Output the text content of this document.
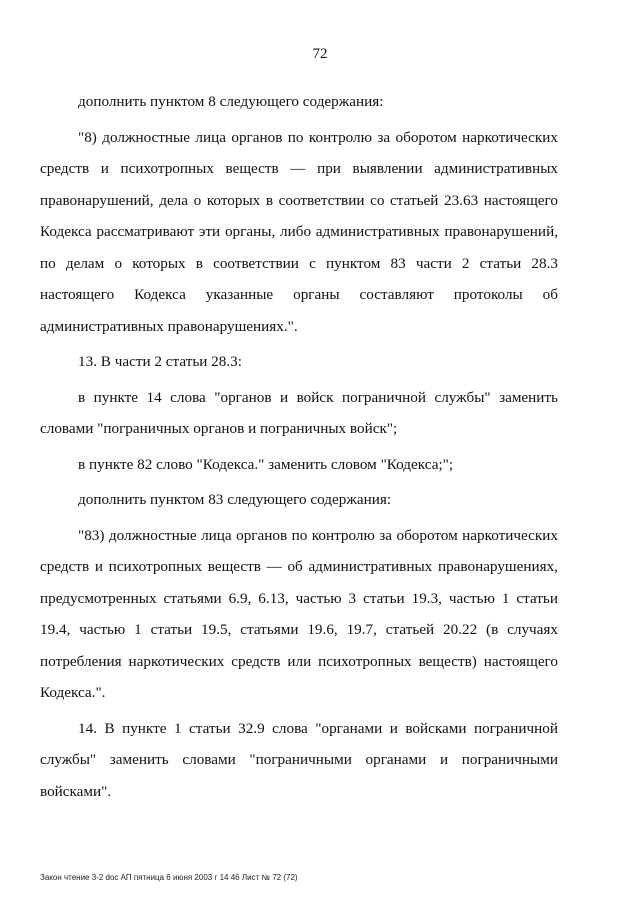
72

дополнить пунктом 8 следующего содержания:

"8) должностные лица органов по контролю за оборотом наркотических средств и психотропных веществ — при выявлении административных правонарушений, дела о которых в соответствии со статьей 23.63 настоящего Кодекса рассматривают эти органы, либо административных правонарушений, по делам о которых в соответствии с пунктом 83 части 2 статьи 28.3 настоящего Кодекса указанные органы составляют протоколы об административных правонарушениях.".

13. В части 2 статьи 28.3:

в пункте 14 слова "органов и войск пограничной службы" заменить словами "пограничных органов и пограничных войск";

в пункте 82 слово "Кодекса." заменить словом "Кодекса;";

дополнить пунктом 83 следующего содержания:

"83) должностные лица органов по контролю за оборотом наркотических средств и психотропных веществ — об административных правонарушениях, предусмотренных статьями 6.9, 6.13, частью 3 статьи 19.3, частью 1 статьи 19.4, частью 1 статьи 19.5, статьями 19.6, 19.7, статьей 20.22 (в случаях потребления наркотических средств или психотропных веществ) настоящего Кодекса.".

14. В пункте 1 статьи 32.9 слова "органами и войсками пограничной службы" заменить словами "пограничными органами и пограничными войсками".

Закон чтение 3-2 doc АП пятница 6 июня 2003 г 14 46 Лист № 72 (72)
